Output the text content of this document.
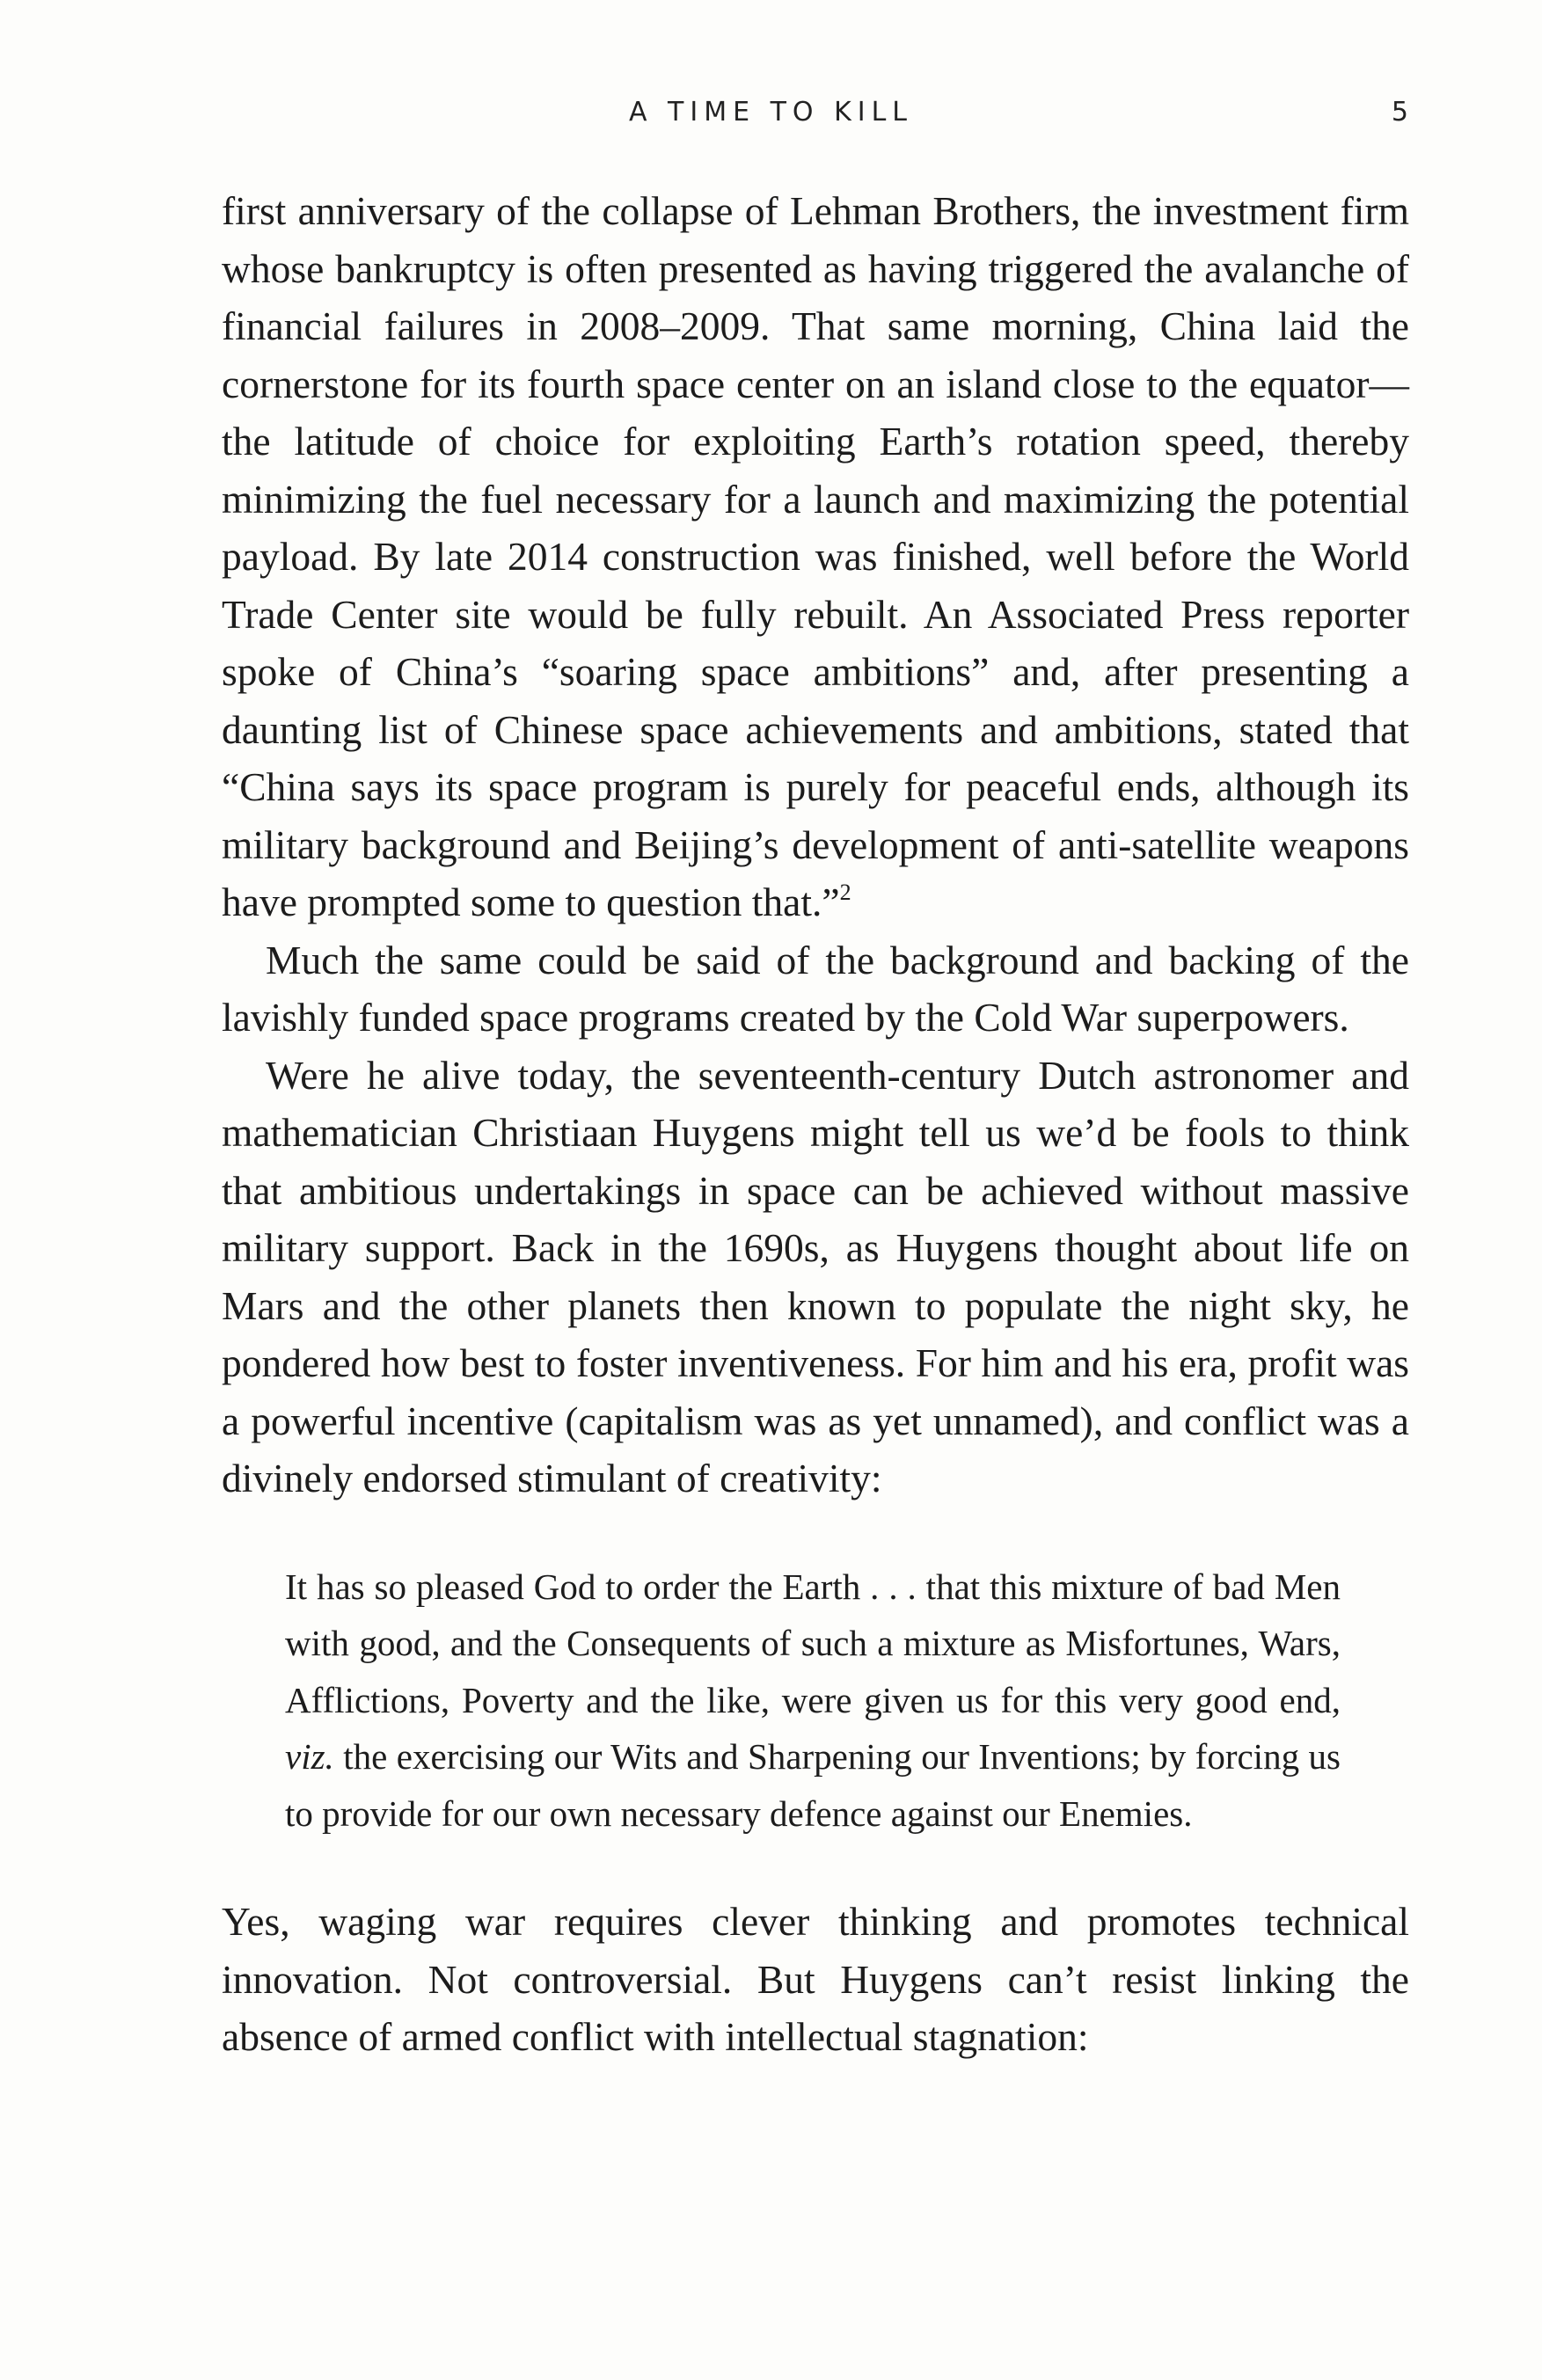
A TIME TO KILL	5

first anniversary of the collapse of Lehman Brothers, the investment firm whose bankruptcy is often presented as having triggered the avalanche of financial failures in 2008–2009. That same morning, China laid the cornerstone for its fourth space center on an island close to the equator—the latitude of choice for exploiting Earth’s rotation speed, thereby minimizing the fuel necessary for a launch and maximizing the potential payload. By late 2014 construction was finished, well before the World Trade Center site would be fully rebuilt. An Associated Press reporter spoke of China’s “soaring space ambitions” and, after presenting a daunting list of Chinese space achievements and ambitions, stated that “China says its space program is purely for peaceful ends, although its military background and Beijing’s development of anti-satellite weapons have prompted some to question that.”$^2$

Much the same could be said of the background and backing of the lavishly funded space programs created by the Cold War superpowers.

Were he alive today, the seventeenth-century Dutch astronomer and mathematician Christiaan Huygens might tell us we’d be fools to think that ambitious undertakings in space can be achieved without massive military support. Back in the 1690s, as Huygens thought about life on Mars and the other planets then known to populate the night sky, he pondered how best to foster inventiveness. For him and his era, profit was a powerful incentive (capitalism was as yet unnamed), and conflict was a divinely endorsed stimulant of creativity:

It has so pleased God to order the Earth . . . that this mixture of bad Men with good, and the Consequents of such a mixture as Misfortunes, Wars, Afflictions, Poverty and the like, were given us for this very good end, viz. the exercising our Wits and Sharpening our Inventions; by forcing us to provide for our own necessary defence against our Enemies.

Yes, waging war requires clever thinking and promotes technical innovation. Not controversial. But Huygens can’t resist linking the absence of armed conflict with intellectual stagnation:
